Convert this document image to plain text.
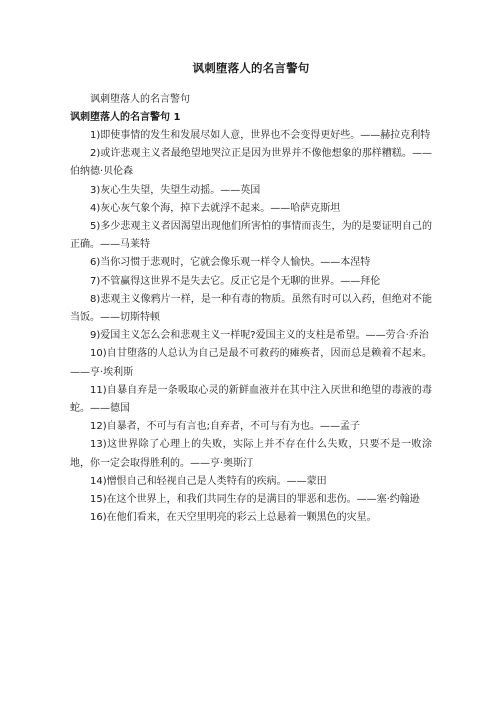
讽刺堕落人的名言警句

讽刺堕落人的名言警句

讽刺堕落人的名言警句 1

1)即使事情的发生和发展尽如人意，世界也不会变得更好些。——赫拉克利特

2)或许悲观主义者最绝望地哭泣正是因为世界并不像他想象的那样糟糕。——伯纳德·贝伦森

3)灰心生失望，失望生动摇。——英国

4)灰心灰气象个海，掉下去就浮不起来。——哈萨克斯坦

5)多少悲观主义者因渴望出现他们所害怕的事情而丧生，为的是要证明自己的正确。——马莱特

6)当你习惯于悲观时，它就会像乐观一样令人愉快。——本涅特

7)不管赢得这世界不是失去它。反正它是个无聊的世界。——拜伦

8)悲观主义像鸦片一样，是一种有毒的物质。虽然有时可以入药，但绝对不能当饭。——切斯特顿

9)爱国主义怎么会和悲观主义一样呢?爱国主义的支柱是希望。——劳合·乔治

10)自甘堕落的人总认为自己是最不可救药的瘫痪者，因而总是赖着不起来。——亨·埃利斯

11)自暴自弃是一条吸取心灵的新鲜血液并在其中注入厌世和绝望的毒液的毒蛇。——德国

12)自暴者，不可与有言也;自弃者，不可与有为也。——孟子

13)这世界除了心理上的失败，实际上并不存在什么失败，只要不是一败涂地，你一定会取得胜利的。——亨·奥斯汀

14)憎恨自己和轻视自己是人类特有的疾病。——蒙田

15)在这个世界上，和我们共同生存的是满目的罪恶和悲伤。——塞·约翰逊

16)在他们看来，在天空里明亮的彩云上总悬着一颗黑色的灾星。
